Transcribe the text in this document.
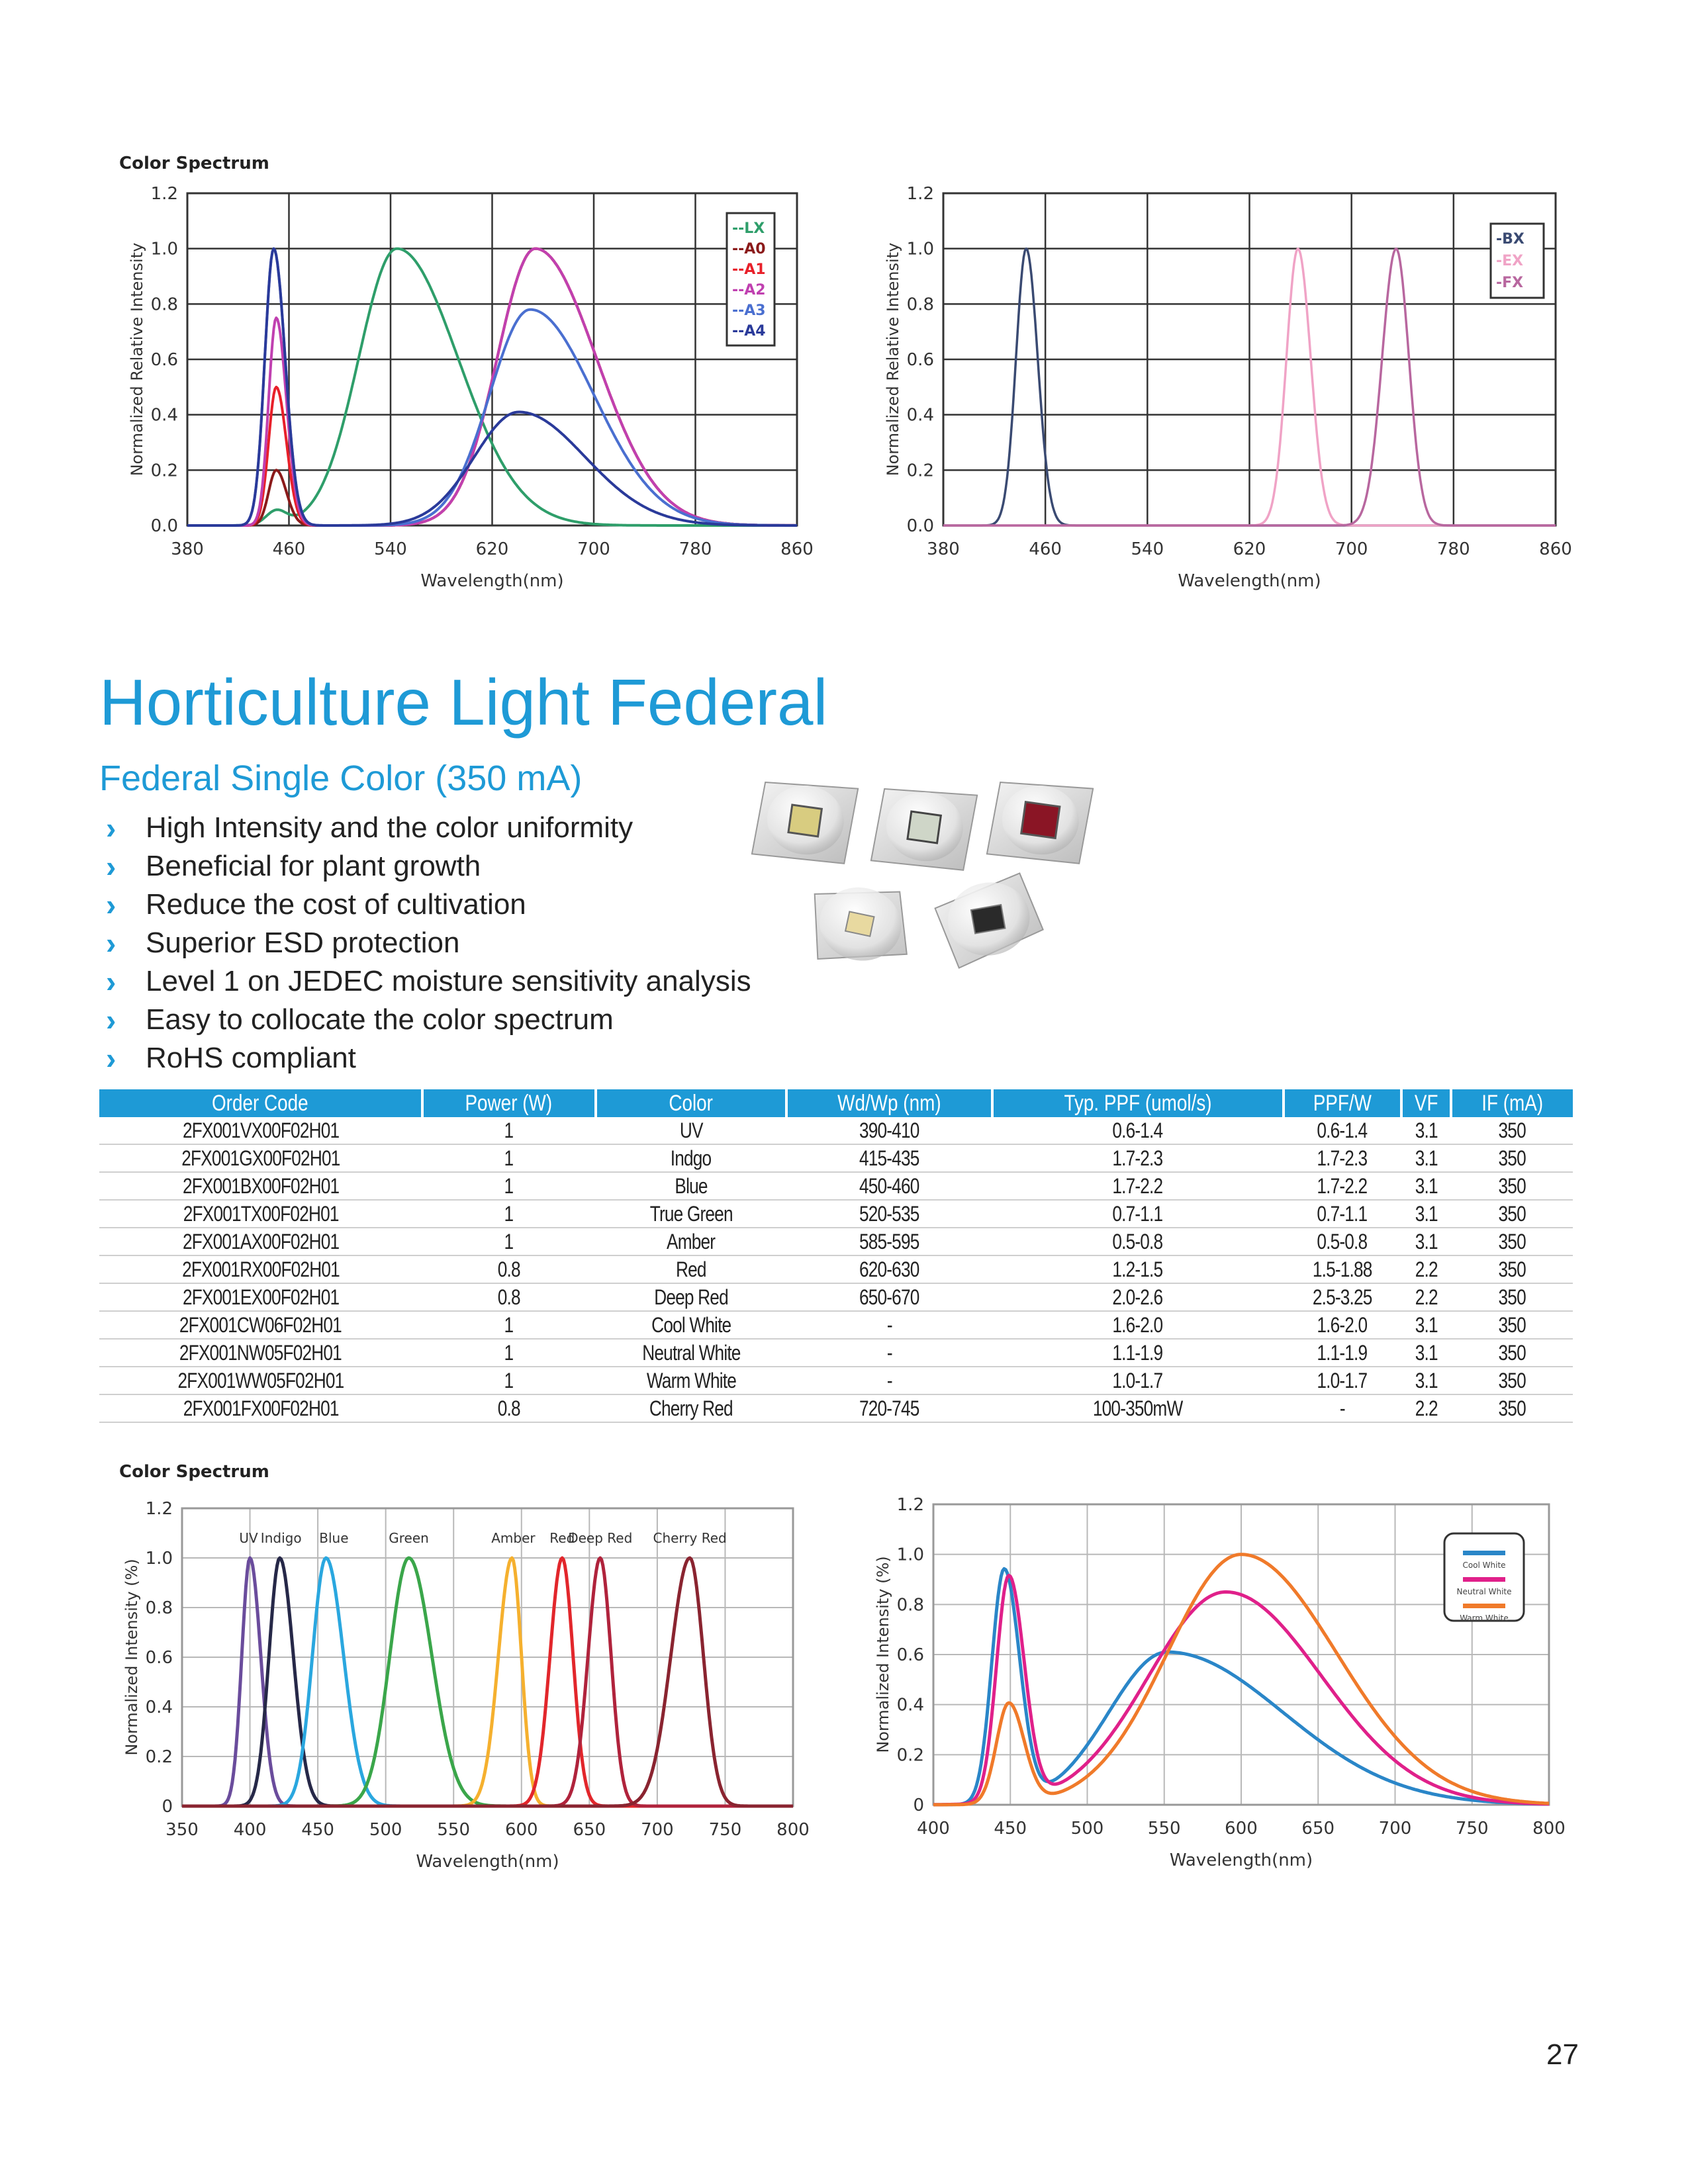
Color Spectrum
380	460	540	620	700	780	860
0.0
0.2
0.4
0.6
0.8
1.0
1.2
Wavelength(nm)
Normalized Relative Intensity
--LX
--A0
--A1
--A2
--A3
--A4
380	460	540	620	700	780	860
0.0
0.2
0.4
0.6
0.8
1.0
1.2
Wavelength(nm)
Normalized Relative Intensity
-BX
-EX
-FX
Color Spectrum
350 400 450 500 550 600 650 700 750 800
0
0.2
0.4
0.6
0.8
1.0
1.2
Wavelength(nm)
Normalized Intensity (%)
UV Indigo Blue	Green	Amber Red
Deep Red Cherry Red
400	450	500	550	600	650	700	750	800
0
0.2
0.4
0.6
0.8
1.0
1.2
Wavelength(nm)
Normalized Intensity (%)	Cool White
Neutral White
Warm White
Horticulture Light Federal
Federal Single Color (350 mA)
›	High Intensity and the color uniformity
›	Beneficial for plant growth
›	Reduce the cost of cultivation
›	Superior ESD protection
›	Level 1 on JEDEC moisture sensitivity analysis
›	Easy to collocate the color spectrum
›	RoHS compliant
Order Code	Power (W)	Color	Wd/Wp (nm)	Typ. PPF (umol/s)	PPF/W	VF	IF (mA)
2FX001VX00F02H01	1	UV	390-410	0.6-1.4	0.6-1.4	3.1	350
2FX001GX00F02H01	1	Indgo	415-435	1.7-2.3	1.7-2.3	3.1	350
2FX001BX00F02H01	1	Blue	450-460	1.7-2.2	1.7-2.2	3.1	350
2FX001TX00F02H01	1	True Green	520-535	0.7-1.1	0.7-1.1	3.1	350
2FX001AX00F02H01	1	Amber	585-595	0.5-0.8	0.5-0.8	3.1	350
2FX001RX00F02H01	0.8	Red	620-630	1.2-1.5	1.5-1.88	2.2	350
2FX001EX00F02H01	0.8	Deep Red	650-670	2.0-2.6	2.5-3.25	2.2	350
2FX001CW06F02H01	1	Cool White	-	1.6-2.0	1.6-2.0	3.1	350
2FX001NW05F02H01	1	Neutral White	-	1.1-1.9	1.1-1.9	3.1	350
2FX001WW05F02H01	1	Warm White	-	1.0-1.7	1.0-1.7	3.1	350
2FX001FX00F02H01	0.8	Cherry Red	720-745	100-350mW	-	2.2	350
27
